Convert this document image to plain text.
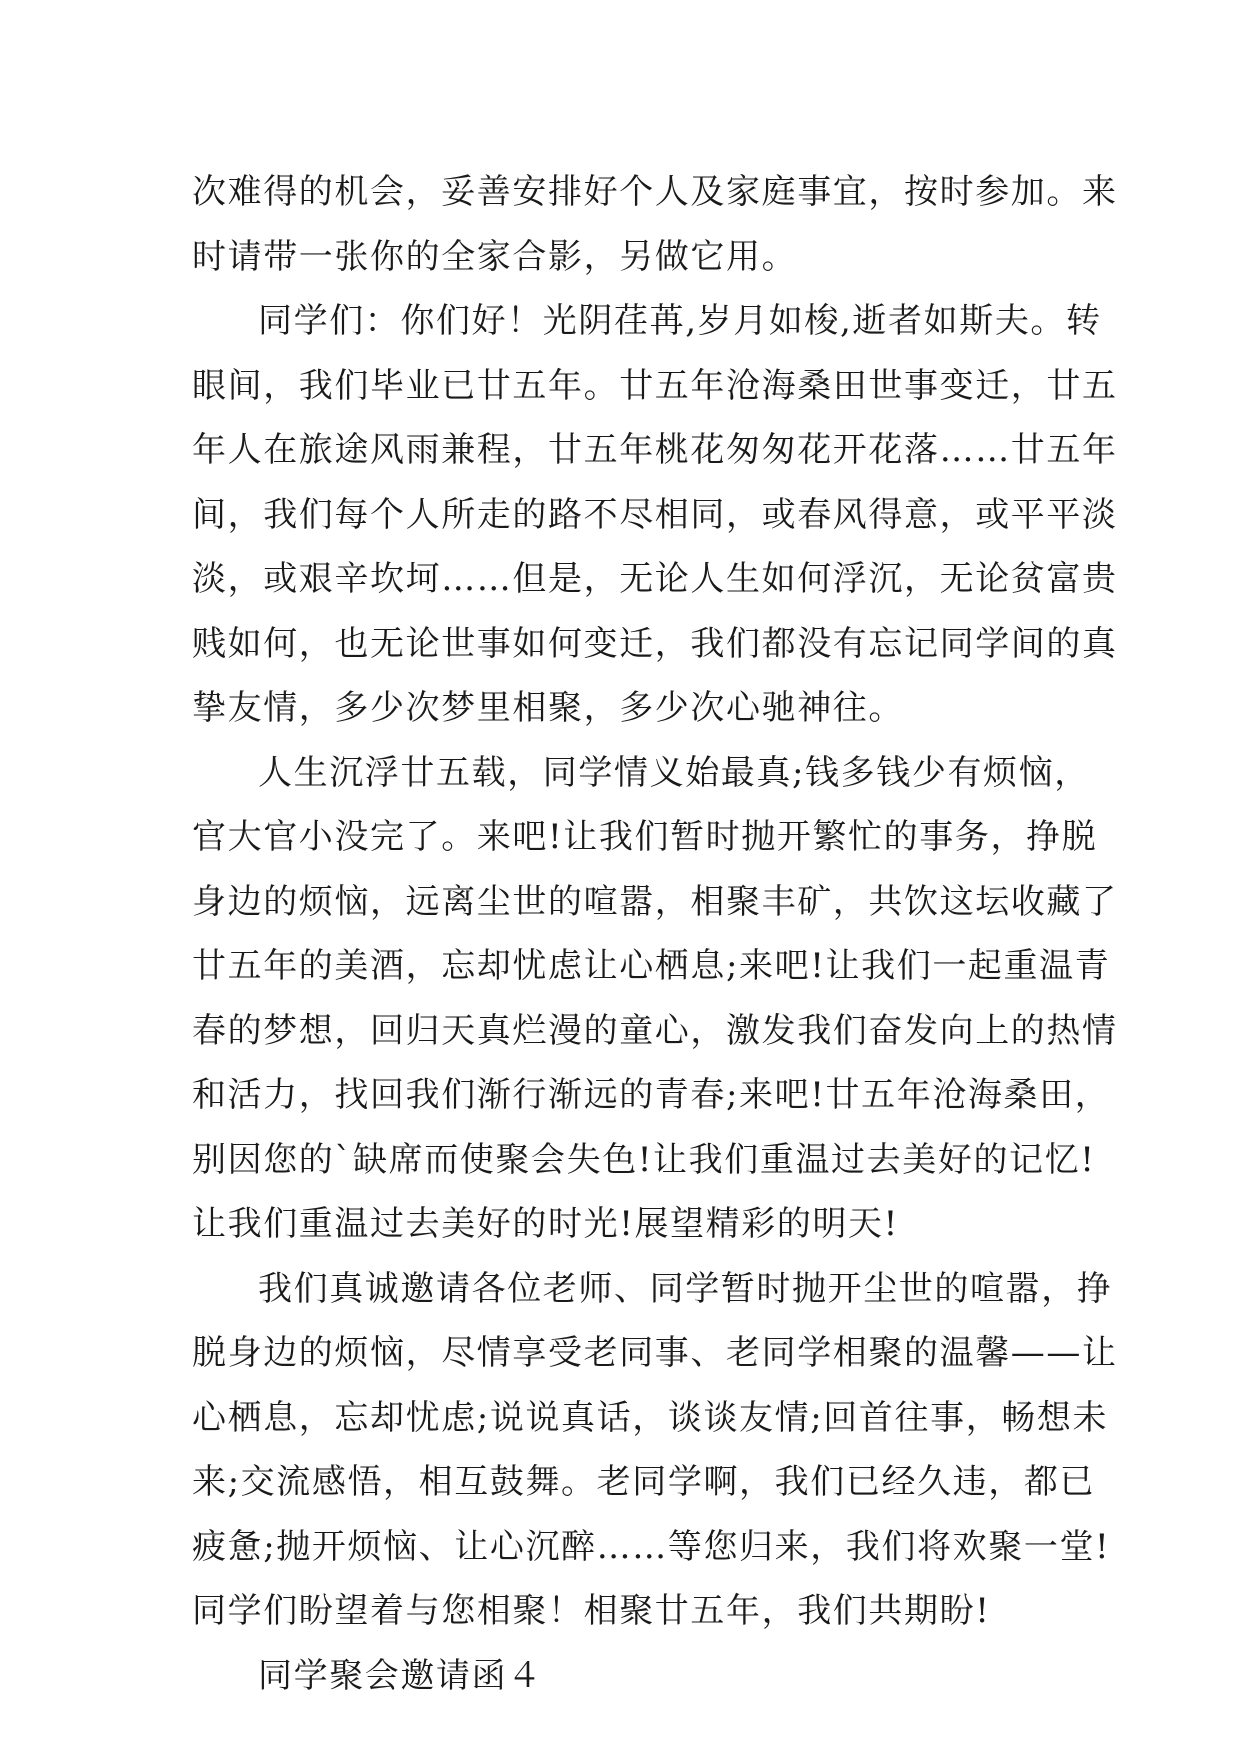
次难得的机会，妥善安排好个人及家庭事宜，按时参加。来
时请带一张你的全家合影，另做它用。
同学们：你们好！光阴荏苒,岁月如梭,逝者如斯夫。转
眼间，我们毕业已廿五年。廿五年沧海桑田世事变迁，廿五
年人在旅途风雨兼程，廿五年桃花匆匆花开花落……廿五年
间，我们每个人所走的路不尽相同，或春风得意，或平平淡
淡，或艰辛坎坷……但是，无论人生如何浮沉，无论贫富贵
贱如何，也无论世事如何变迁，我们都没有忘记同学间的真
挚友情，多少次梦里相聚，多少次心驰神往。
人生沉浮廿五载，同学情义始最真;钱多钱少有烦恼，
官大官小没完了。来吧!让我们暂时抛开繁忙的事务，挣脱
身边的烦恼，远离尘世的喧嚣，相聚丰矿，共饮这坛收藏了
廿五年的美酒，忘却忧虑让心栖息;来吧!让我们一起重温青
春的梦想，回归天真烂漫的童心，激发我们奋发向上的热情
和活力，找回我们渐行渐远的青春;来吧!廿五年沧海桑田，
别因您的`缺席而使聚会失色!让我们重温过去美好的记忆!
让我们重温过去美好的时光!展望精彩的明天!
我们真诚邀请各位老师、同学暂时抛开尘世的喧嚣，挣
脱身边的烦恼，尽情享受老同事、老同学相聚的温馨——让
心栖息，忘却忧虑;说说真话，谈谈友情;回首往事，畅想未
来;交流感悟，相互鼓舞。老同学啊，我们已经久违，都已
疲惫;抛开烦恼、让心沉醉……等您归来，我们将欢聚一堂!
同学们盼望着与您相聚！相聚廿五年，我们共期盼!
同学聚会邀请函４
